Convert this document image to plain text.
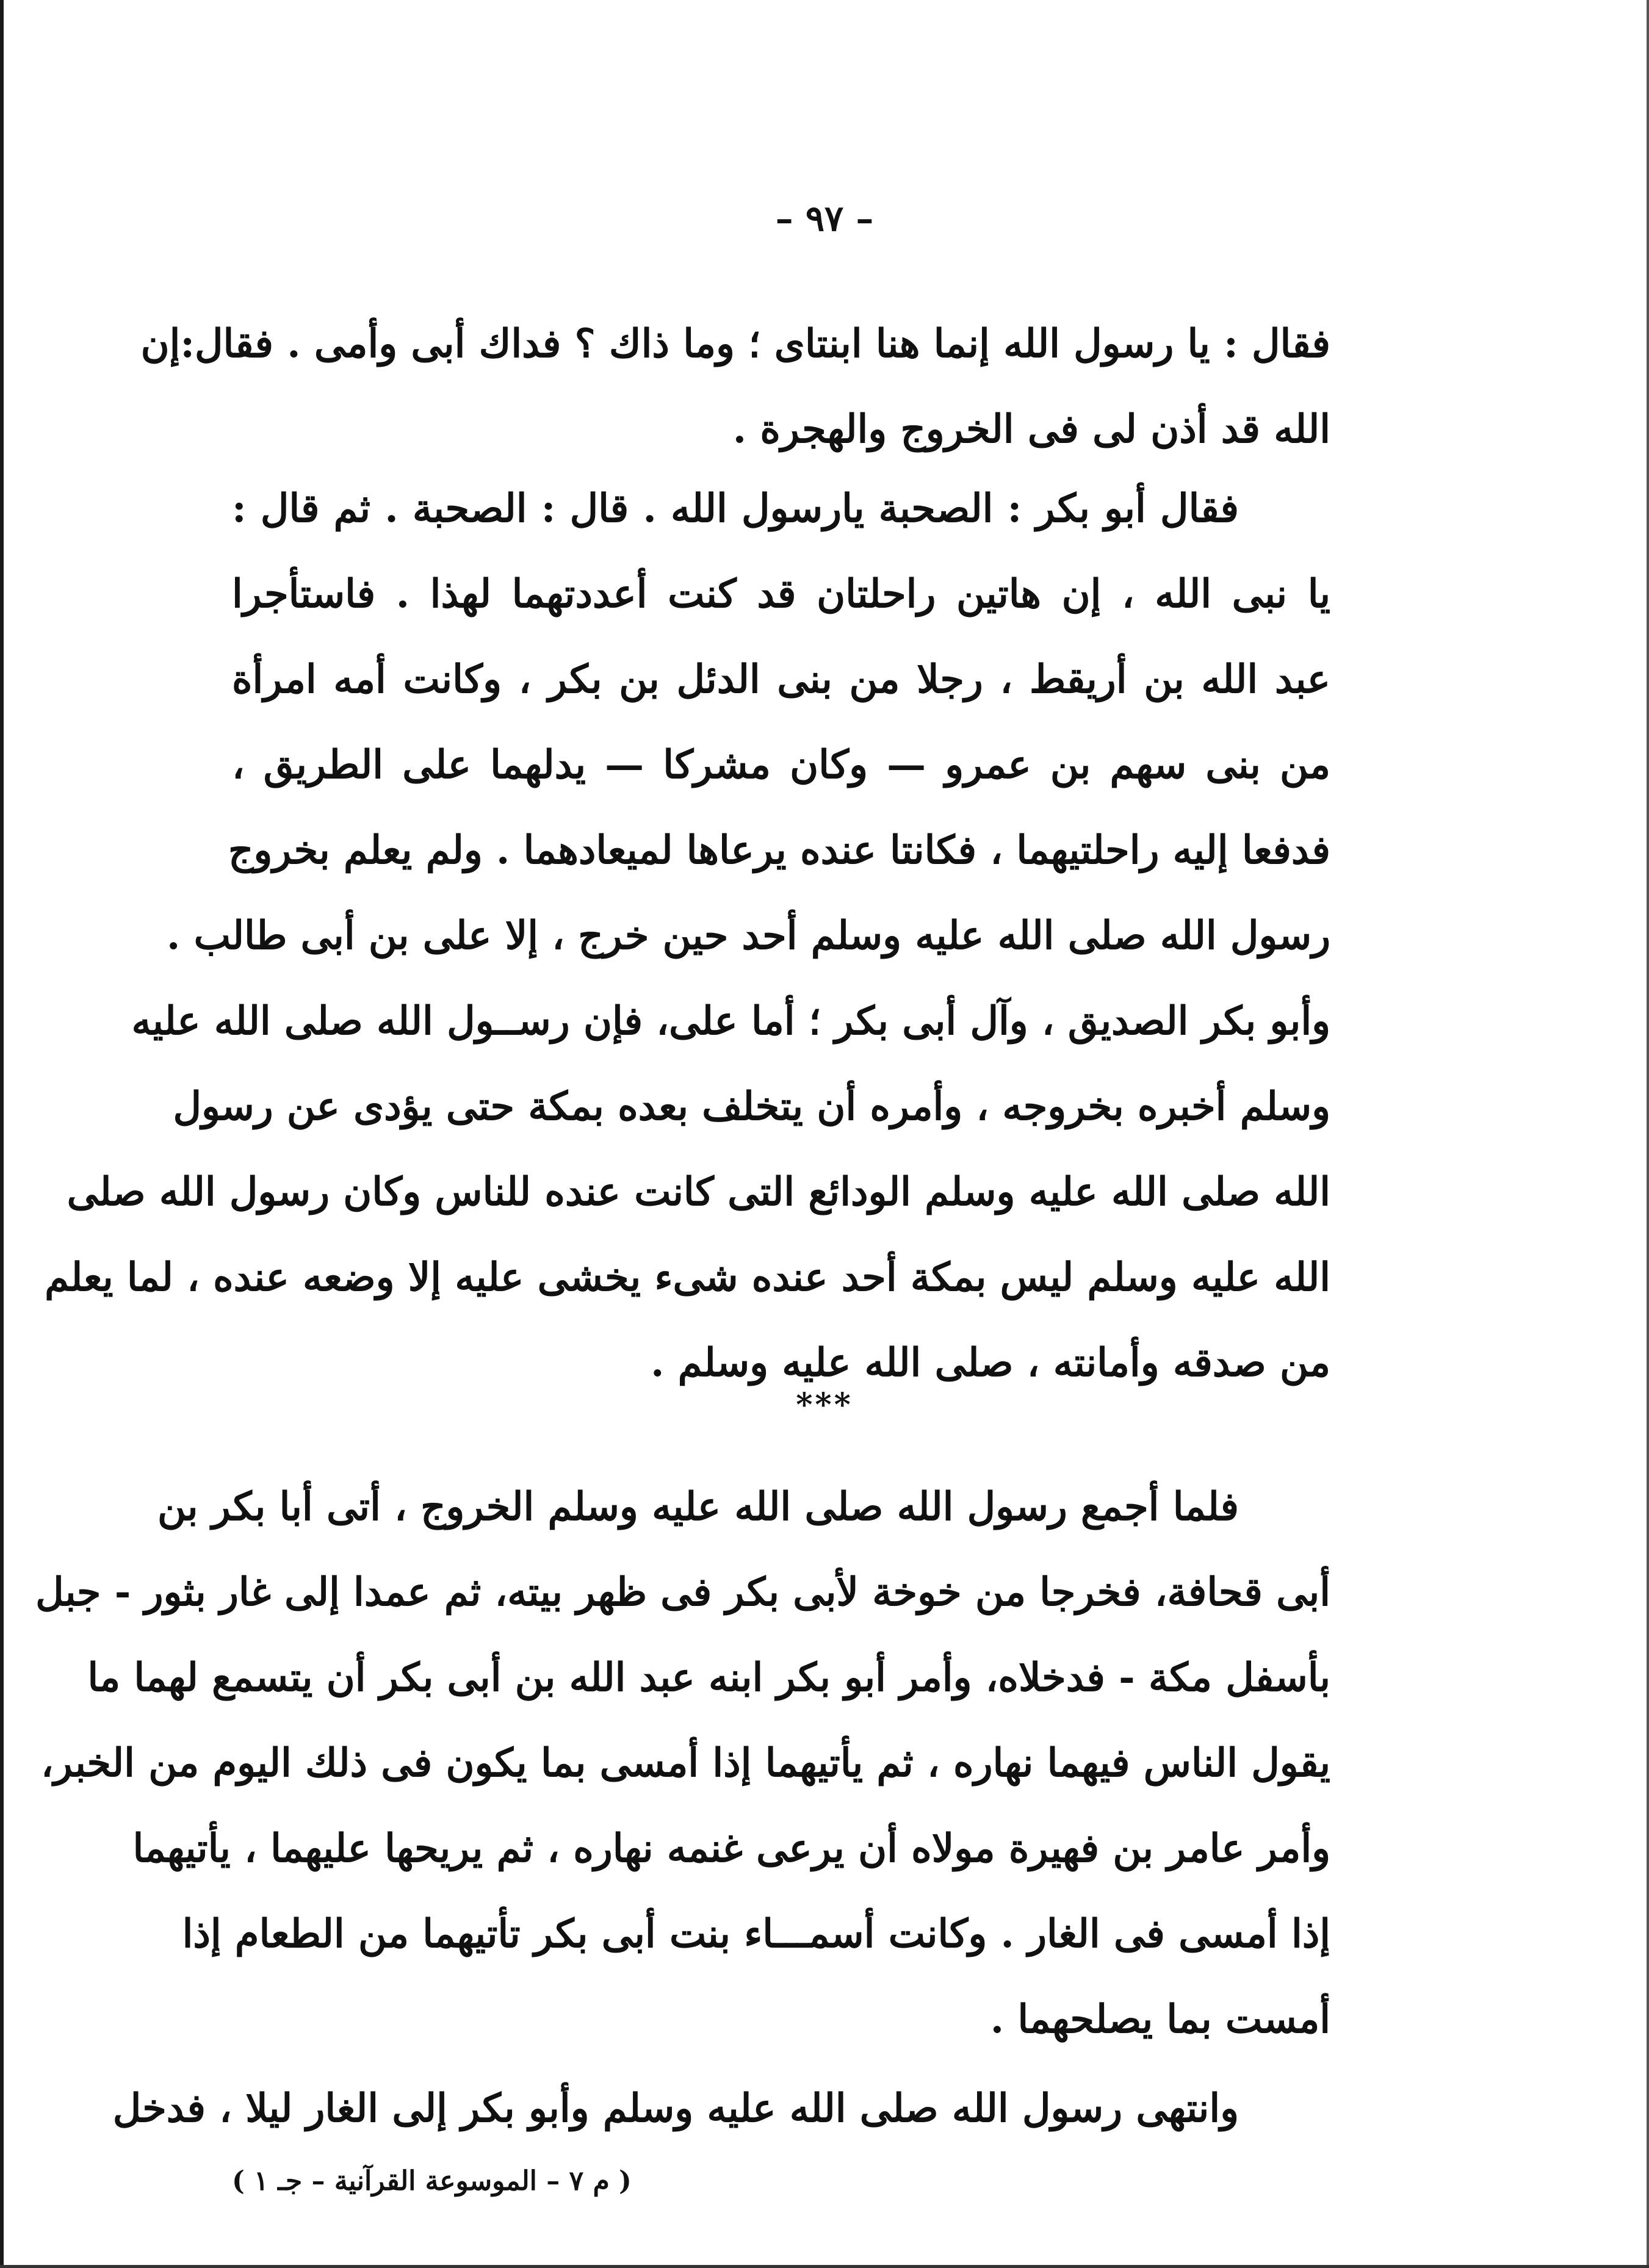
– ٩٧ –
فقال : يا رسول الله إنما هنا ابنتاى ؛ وما ذاك ؟ فداك أبى وأمى . فقال:إن
الله قد أذن لى فى الخروج والهجرة .
فقال أبو بكر : الصحبة يارسول الله . قال : الصحبة . ثم قال :
يا نبى الله ، إن هاتين راحلتان قد كنت أعددتهما لهذا . فاستأجرا
عبد الله بن أريقط ، رجلا من بنى الدئل بن بكر ، وكانت أمه امرأة
من بنى سهم بن عمرو — وكان مشركا — يدلهما على الطريق ،
فدفعا إليه راحلتيهما ، فكانتا عنده يرعاها لميعادهما . ولم يعلم بخروج
رسول الله صلى الله عليه وسلم أحد حين خرج ، إلا على بن أبى طالب .
وأبو بكر الصديق ، وآل أبى بكر ؛ أما على، فإن رســول الله صلى الله عليه
وسلم أخبره بخروجه ، وأمره أن يتخلف بعده بمكة حتى يؤدى عن رسول
الله صلى الله عليه وسلم الودائع التى كانت عنده للناس وكان رسول الله صلى
الله عليه وسلم ليس بمكة أحد عنده شىء يخشى عليه إلا وضعه عنده ، لما يعلم
من صدقه وأمانته ، صلى الله عليه وسلم .
***
فلما أجمع رسول الله صلى الله عليه وسلم الخروج ، أتى أبا بكر بن
أبى قحافة، فخرجا من خوخة لأبى بكر فى ظهر بيته، ثم عمدا إلى غار بثور - جبل
بأسفل مكة - فدخلاه، وأمر أبو بكر ابنه عبد الله بن أبى بكر أن يتسمع لهما ما
يقول الناس فيهما نهاره ، ثم يأتيهما إذا أمسى بما يكون فى ذلك اليوم من الخبر،
وأمر عامر بن فهيرة مولاه أن يرعى غنمه نهاره ، ثم يريحها عليهما ، يأتيهما
إذا أمسى فى الغار . وكانت أسمـــاء بنت أبى بكر تأتيهما من الطعام إذا
أمست بما يصلحهما .
وانتهى رسول الله صلى الله عليه وسلم وأبو بكر إلى الغار ليلا ، فدخل
( م ٧ – الموسوعة القرآنية – جـ ١ )
